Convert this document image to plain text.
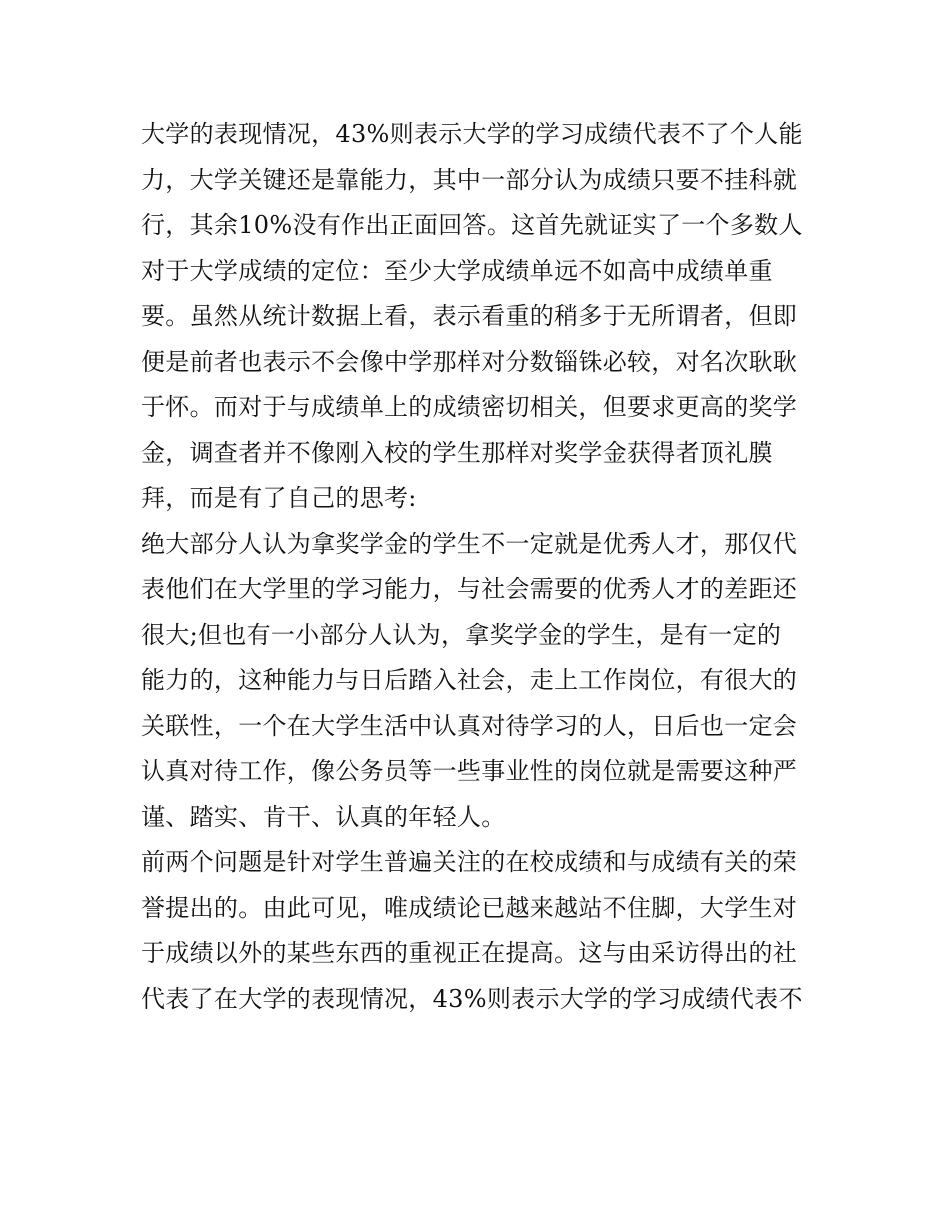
大学的表现情况，43%则表示大学的学习成绩代表不了个人能
力，大学关键还是靠能力，其中一部分认为成绩只要不挂科就
行，其余10%没有作出正面回答。这首先就证实了一个多数人
对于大学成绩的定位：至少大学成绩单远不如高中成绩单重
要。虽然从统计数据上看，表示看重的稍多于无所谓者，但即
便是前者也表示不会像中学那样对分数锱铢必较，对名次耿耿
于怀。而对于与成绩单上的成绩密切相关，但要求更高的奖学
金，调查者并不像刚入校的学生那样对奖学金获得者顶礼膜
拜，而是有了自己的思考:
绝大部分人认为拿奖学金的学生不一定就是优秀人才，那仅代
表他们在大学里的学习能力，与社会需要的优秀人才的差距还
很大;但也有一小部分人认为，拿奖学金的学生，是有一定的
能力的，这种能力与日后踏入社会，走上工作岗位，有很大的
关联性，一个在大学生活中认真对待学习的人，日后也一定会
认真对待工作，像公务员等一些事业性的岗位就是需要这种严
谨、踏实、肯干、认真的年轻人。
前两个问题是针对学生普遍关注的在校成绩和与成绩有关的荣
誉提出的。由此可见，唯成绩论已越来越站不住脚，大学生对
于成绩以外的某些东西的重视正在提高。这与由采访得出的社
代表了在大学的表现情况，43%则表示大学的学习成绩代表不
